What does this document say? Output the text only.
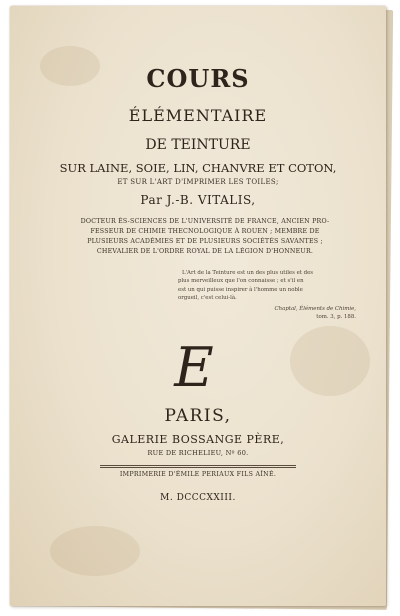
COURS
ÉLÉMENTAIRE
DE TEINTURE
SUR LAINE, SOIE, LIN, CHANVRE ET COTON,
ET SUR L'ART D'IMPRIMER LES TOILES;
Par J.-B. VITALIS,
DOCTEUR ÈS-SCIENCES DE L'UNIVERSITÉ DE FRANCE, ANCIEN PRO-
FESSEUR DE CHIMIE THECNOLOGIQUE À ROUEN ; MEMBRE DE
PLUSIEURS ACADÉMIES ET DE PLUSIEURS SOCIÉTÉS SAVANTES ;
CHEVALIER DE L'ORDRE ROYAL DE LA LÉGION D'HONNEUR.
L'Art de la Teinture est un des plus utiles et des
plus merveilleux que l'on connaisse ; et s'il en
est un qui puisse inspirer à l'homme un noble
orgueil, c'est celui-là.
Chaptal, Éléments de Chimie,
tom. 3, p. 188.
E
PARIS,
GALERIE BOSSANGE PÈRE,
RUE DE RICHELIEU, Nº 60.
IMPRIMERIE D'ÉMILE PERIAUX FILS AÎNÉ.
M. DCCCXXIII.
